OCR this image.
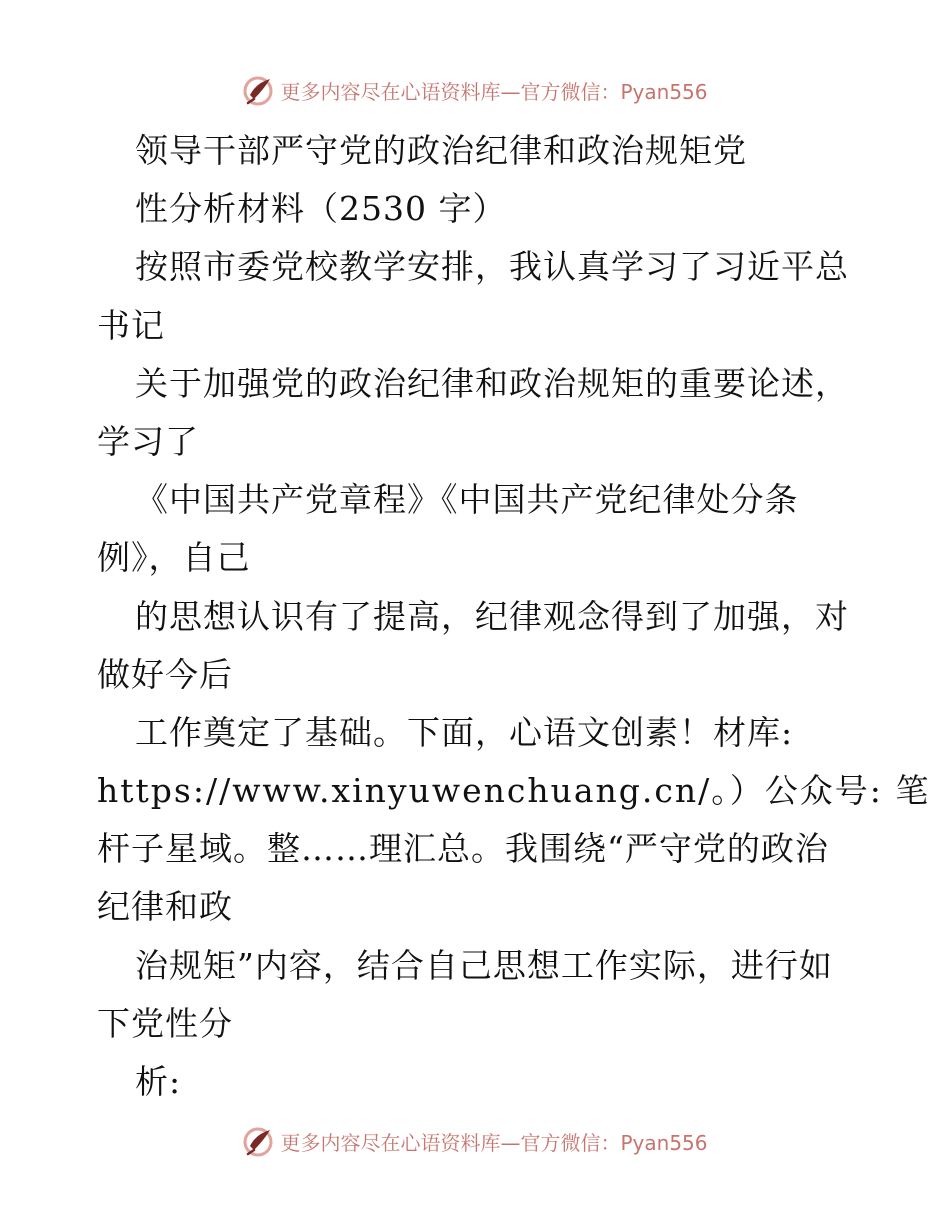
更多内容尽在心语资料库—官方微信：Pyan556
领导干部严守党的政治纪律和政治规矩党
性分析材料（2530 字）
按照市委党校教学安排，我认真学习了习近平总
书记
关于加强党的政治纪律和政治规矩的重要论述，
学习了
《中国共产党章程》《中国共产党纪律处分条
例》，自己
的思想认识有了提高，纪律观念得到了加强，对
做好今后
工作奠定了基础。下面，心语文创素！材库:
https://www.xinyuwenchuang.cn/。）公众号: 笔
杆子星域。整……理汇总。我围绕“严守党的政治
纪律和政
治规矩”内容，结合自己思想工作实际，进行如
下党性分
析:
更多内容尽在心语资料库—官方微信：Pyan556
